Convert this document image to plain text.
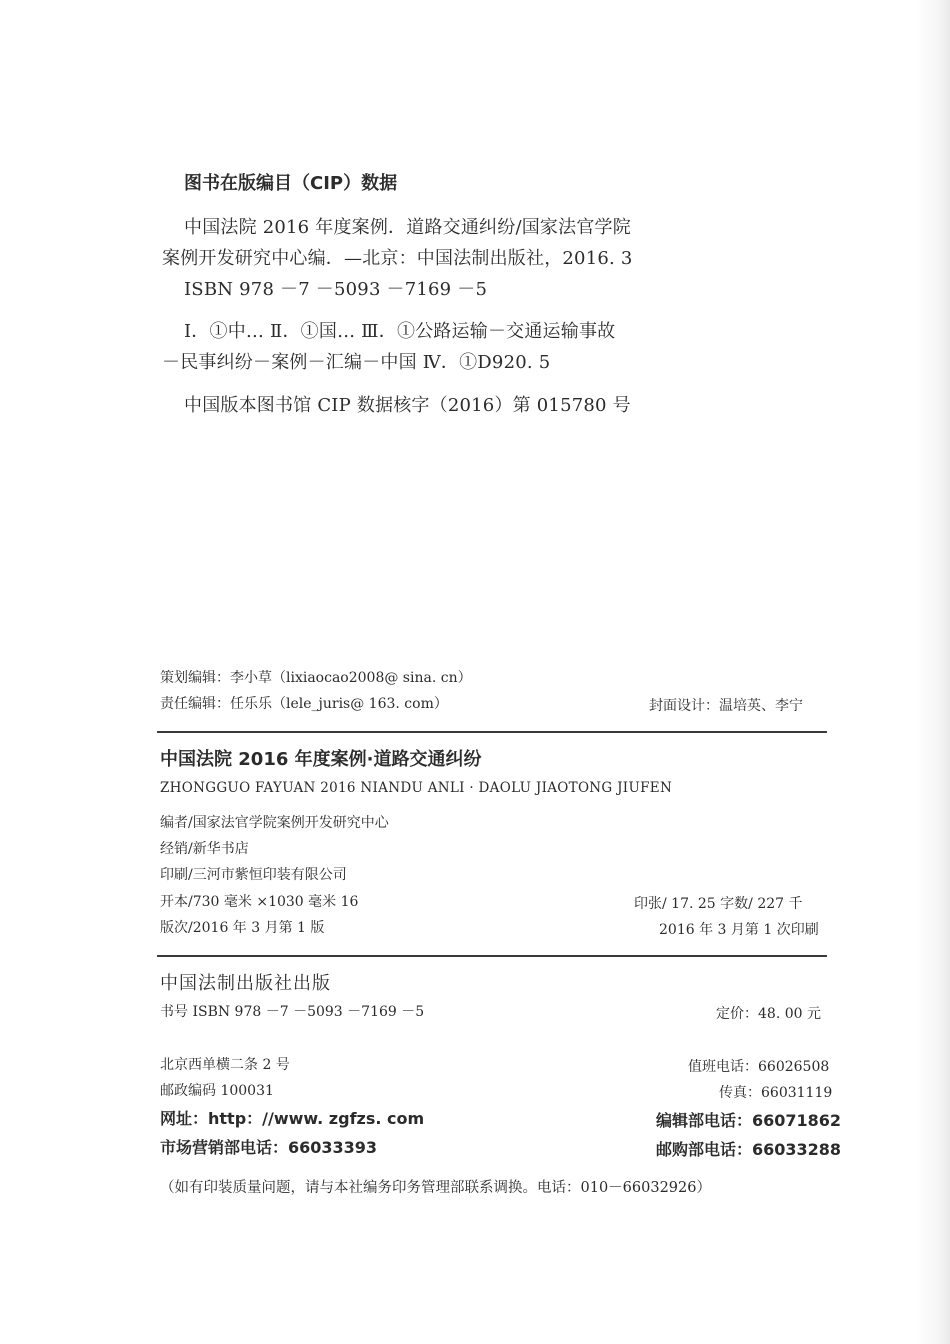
图书在版编目（CIP）数据
中国法院 2016 年度案例．道路交通纠纷/国家法官学院
案例开发研究中心编．—北京：中国法制出版社，2016. 3
ISBN 978 －7 －5093 －7169 －5
Ⅰ．①中… Ⅱ．①国… Ⅲ．①公路运输－交通运输事故
－民事纠纷－案例－汇编－中国 Ⅳ．①D920. 5
中国版本图书馆 CIP 数据核字（2016）第 015780 号
策划编辑：李小草（lixiaocao2008@ sina. cn）
责任编辑：任乐乐（lele_juris@ 163. com）	封面设计：温培英、李宁
中国法院 2016 年度案例·道路交通纠纷
ZHONGGUO FAYUAN 2016 NIANDU ANLI · DAOLU JIAOTONG JIUFEN
编者/国家法官学院案例开发研究中心
经销/新华书店
印刷/三河市紫恒印装有限公司
开本/730 毫米 ×1030 毫米 16	印张/ 17. 25 字数/ 227 千
版次/2016 年 3 月第 1 版	2016 年 3 月第 1 次印刷
中国法制出版社出版
书号 ISBN 978 －7 －5093 －7169 －5	定价：48. 00 元
北京西单横二条 2 号	值班电话：66026508
邮政编码 100031	传真：66031119
网址：http：//www. zgfzs. com	编辑部电话：66071862
市场营销部电话：66033393	邮购部电话：66033288
（如有印装质量问题，请与本社编务印务管理部联系调换。电话：010－66032926）
